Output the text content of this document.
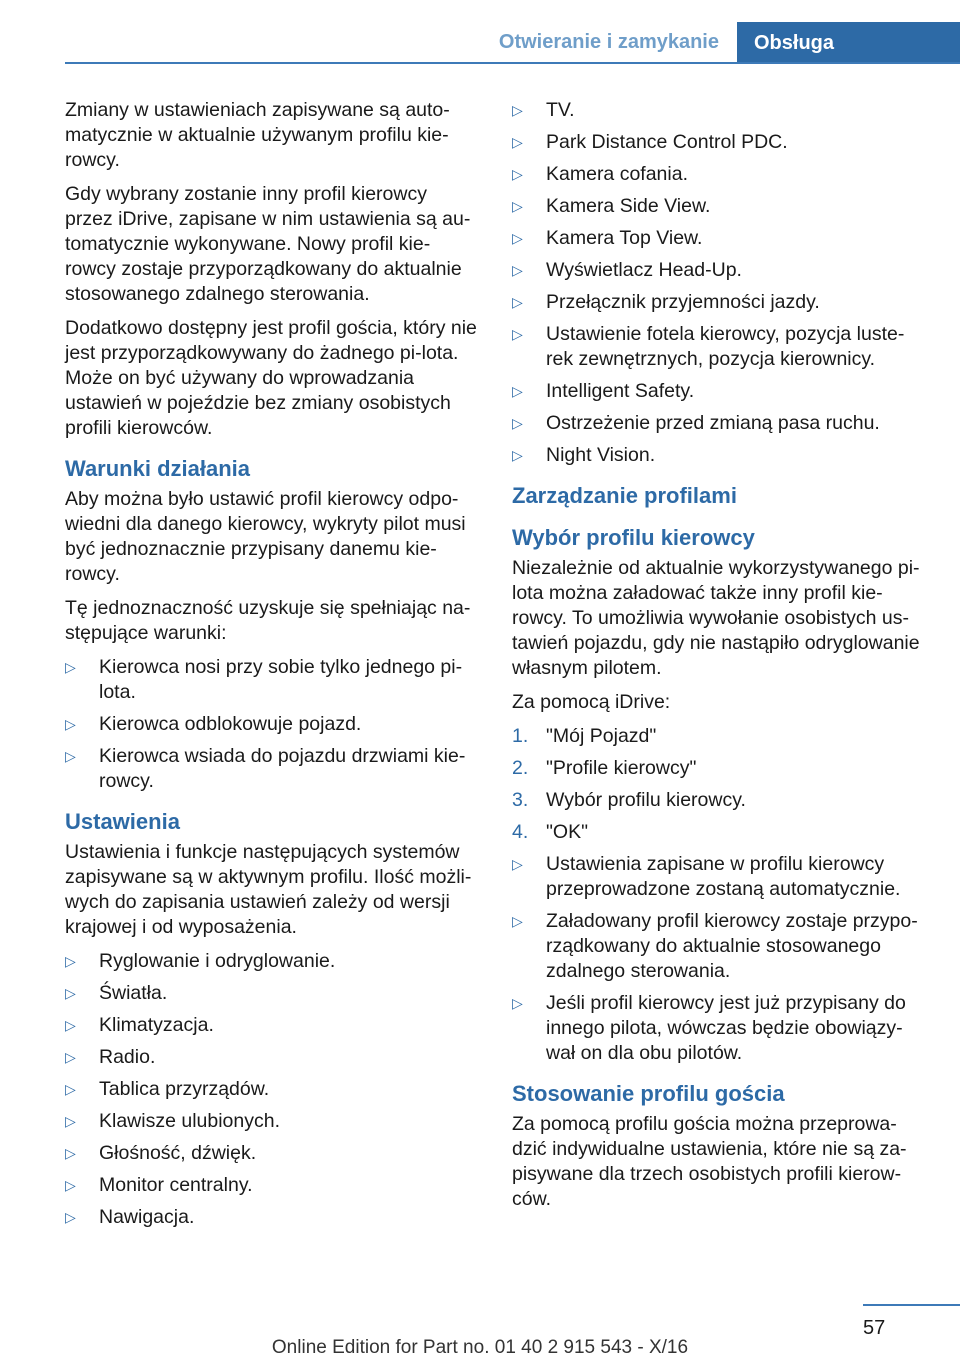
Otwieranie i zamykanie	Obsługa

Zmiany w ustawieniach zapisywane są auto-matycznie w aktualnie używanym profilu kie-rowcy.

Gdy wybrany zostanie inny profil kierowcy przez iDrive, zapisane w nim ustawienia są au-tomatycznie wykonywane. Nowy profil kie-rowcy zostaje przyporządkowany do aktualnie stosowanego zdalnego sterowania.

Dodatkowo dostępny jest profil gościa, który nie jest przyporządkowywany do żadnego pi-lota. Może on być używany do wprowadzania ustawień w pojeździe bez zmiany osobistych profili kierowców.

Warunki działania

Aby można było ustawić profil kierowcy odpo-wiedni dla danego kierowcy, wykryty pilot musi być jednoznacznie przypisany danemu kie-rowcy.

Tę jednoznaczność uzyskuje się spełniając na-stępujące warunki:

▷ Kierowca nosi przy sobie tylko jednego pi-lota.
▷ Kierowca odblokowuje pojazd.
▷ Kierowca wsiada do pojazdu drzwiami kie-rowcy.
Ustawienia

Ustawienia i funkcje następujących systemów zapisywane są w aktywnym profilu. Ilość możli-wych do zapisania ustawień zależy od wersji krajowej i od wyposażenia.

▷ Ryglowanie i odryglowanie.
▷ Światła.
▷ Klimatyzacja.
▷ Radio.
▷ Tablica przyrządów.
▷ Klawisze ulubionych.
▷ Głośność, dźwięk.
▷ Monitor centralny.
▷ Nawigacja.
▷ TV.
▷ Park Distance Control PDC.
▷ Kamera cofania.
▷ Kamera Side View.
▷ Kamera Top View.
▷ Wyświetlacz Head-Up.
▷ Przełącznik przyjemności jazdy.
▷ Ustawienie fotela kierowcy, pozycja luste-rek zewnętrznych, pozycja kierownicy.
▷ Intelligent Safety.
▷ Ostrzeżenie przed zmianą pasa ruchu.
▷ Night Vision.
Zarządzanie profilami
Wybór profilu kierowcy

Niezależnie od aktualnie wykorzystywanego pi-lota można załadować także inny profil kie-rowcy. To umożliwia wywołanie osobistych us-tawień pojazdu, gdy nie nastąpiło odryglowanie własnym pilotem.

Za pomocą iDrive:

1. "Mój Pojazd"
2. "Profile kierowcy"
3. Wybór profilu kierowcy.
4. "OK"
▷ Ustawienia zapisane w profilu kierowcy przeprowadzone zostaną automatycznie.
▷ Załadowany profil kierowcy zostaje przypo-rządkowany do aktualnie stosowanego zdalnego sterowania.
▷ Jeśli profil kierowcy jest już przypisany do innego pilota, wówczas będzie obowiązy-wał on dla obu pilotów.
Stosowanie profilu gościa

Za pomocą profilu gościa można przeprowa-dzić indywidualne ustawienia, które nie są za-pisywane dla trzech osobistych profili kierow-ców.

57
Online Edition for Part no. 01 40 2 915 543 - X/16
